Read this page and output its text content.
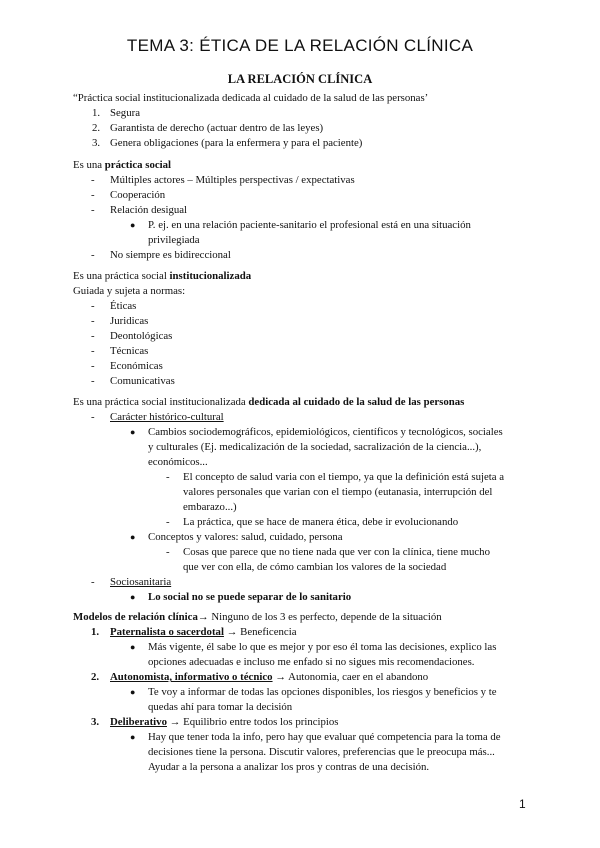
TEMA 3: ÉTICA DE LA RELACIÓN CLÍNICA
LA RELACIÓN CLÍNICA
“Práctica social institucionalizada dedicada al cuidado de la salud de las personas’
1. Segura
2. Garantista de derecho (actuar dentro de las leyes)
3. Genera obligaciones (para la enfermera y para el paciente)
Es una práctica social
- Múltiples actores – Múltiples perspectivas / expectativas
- Cooperación
- Relación desigual
● P. ej. en una relación paciente-sanitario el profesional está en una situación
privilegiada
- No siempre es bidireccional
Es una práctica social institucionalizada
Guiada y sujeta a normas:
- Éticas
- Juridicas
- Deontológicas
- Técnicas
- Económicas
- Comunicativas
Es una práctica social institucionalizada dedicada al cuidado de la salud de las personas
- Carácter histórico-cultural
● Cambios sociodemográficos, epidemiológicos, científicos y tecnológicos, sociales
y culturales (Ej. medicalización de la sociedad, sacralización de la ciencia...),
económicos...
- El concepto de salud varia con el tiempo, ya que la definición está sujeta a
valores personales que varian con el tiempo (eutanasia, interrupción del
embarazo...)
- La práctica, que se hace de manera ética, debe ir evolucionando
● Conceptos y valores: salud, cuidado, persona
- Cosas que parece que no tiene nada que ver con la clínica, tiene mucho
que ver con ella, de cómo cambian los valores de la sociedad
- Sociosanitaria
● Lo social no se puede separar de lo sanitario
Modelos de relación clínica→ Ninguno de los 3 es perfecto, depende de la situación
1. Paternalista o sacerdotal → Beneficencia
● Más vigente, él sabe lo que es mejor y por eso él toma las decisiones, explico las
opciones adecuadas e incluso me enfado si no sigues mis recomendaciones.
2. Autonomista, informativo o técnico → Autonomia, caer en el abandono
● Te voy a informar de todas las opciones disponibles, los riesgos y beneficios y te
quedas ahí para tomar la decisión
3. Deliberativo → Equilibrio entre todos los principios
● Hay que tener toda la info, pero hay que evaluar qué competencia para la toma de
decisiones tiene la persona. Discutir valores, preferencias que le preocupa más...
Ayudar a la persona a analizar los pros y contras de una decisión.
1
